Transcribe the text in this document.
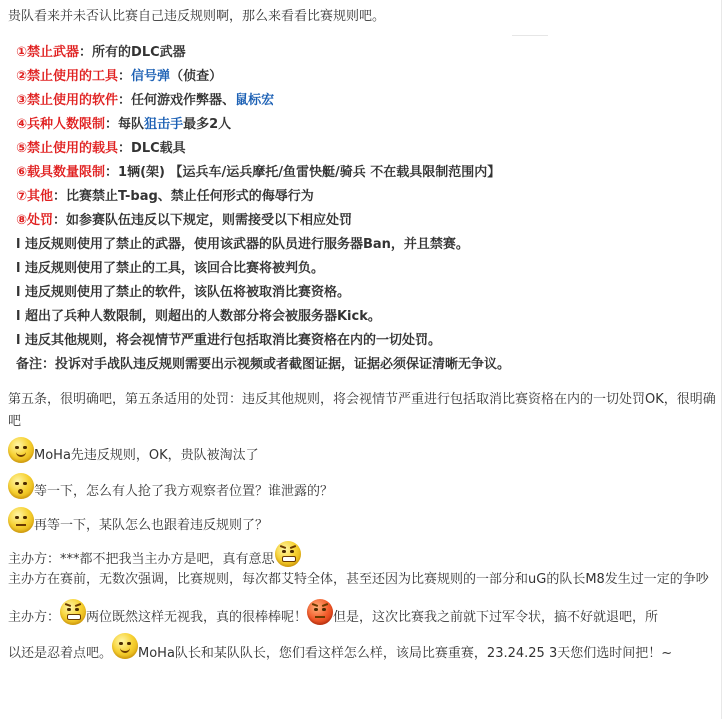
贵队看来并未否认比赛自己违反规则啊，那么来看看比赛规则吧。

①禁止武器：所有的DLC武器
②禁止使用的工具：信号弹（侦查）
③禁止使用的软件：任何游戏作弊器、鼠标宏
④兵种人数限制：每队狙击手最多2人
⑤禁止使用的载具：DLC载具
⑥载具数量限制：1辆(架) 【运兵车/运兵摩托/鱼雷快艇/骑兵 不在载具限制范围内】
⑦其他：比赛禁止T-bag、禁止任何形式的侮辱行为
⑧处罚：如参赛队伍违反以下规定，则需接受以下相应处罚
l 违反规则使用了禁止的武器，使用该武器的队员进行服务器Ban，并且禁赛。
l 违反规则使用了禁止的工具，该回合比赛将被判负。
l 违反规则使用了禁止的软件，该队伍将被取消比赛资格。
l 超出了兵种人数限制，则超出的人数部分将会被服务器Kick。
l 违反其他规则，将会视情节严重进行包括取消比赛资格在内的一切处罚。
备注：投诉对手战队违反规则需要出示视频或者截图证据，证据必须保证清晰无争议。

第五条，很明确吧，第五条适用的处罚：违反其他规则，将会视情节严重进行包括取消比赛资格在内的一切处罚OK，很明确吧

MoHa先违反规则，OK，贵队被淘汰了
等一下，怎么有人抢了我方观察者位置？谁泄露的？
再等一下，某队怎么也跟着违反规则了？
主办方：***都不把我当主办方是吧，真有意思

主办方在赛前，无数次强调，比赛规则，每次都艾特全体，甚至还因为比赛规则的一部分和uG的队长M8发生过一定的争吵

主办方： 两位既然这样无视我，真的很棒棒呢！ 但是，这次比赛我之前就下过军令状，搞不好就退吧，所

以还是忍着点吧。 MoHa队长和某队队长，您们看这样怎么样，该局比赛重赛，23.24.25 3天您们选时间把！~
